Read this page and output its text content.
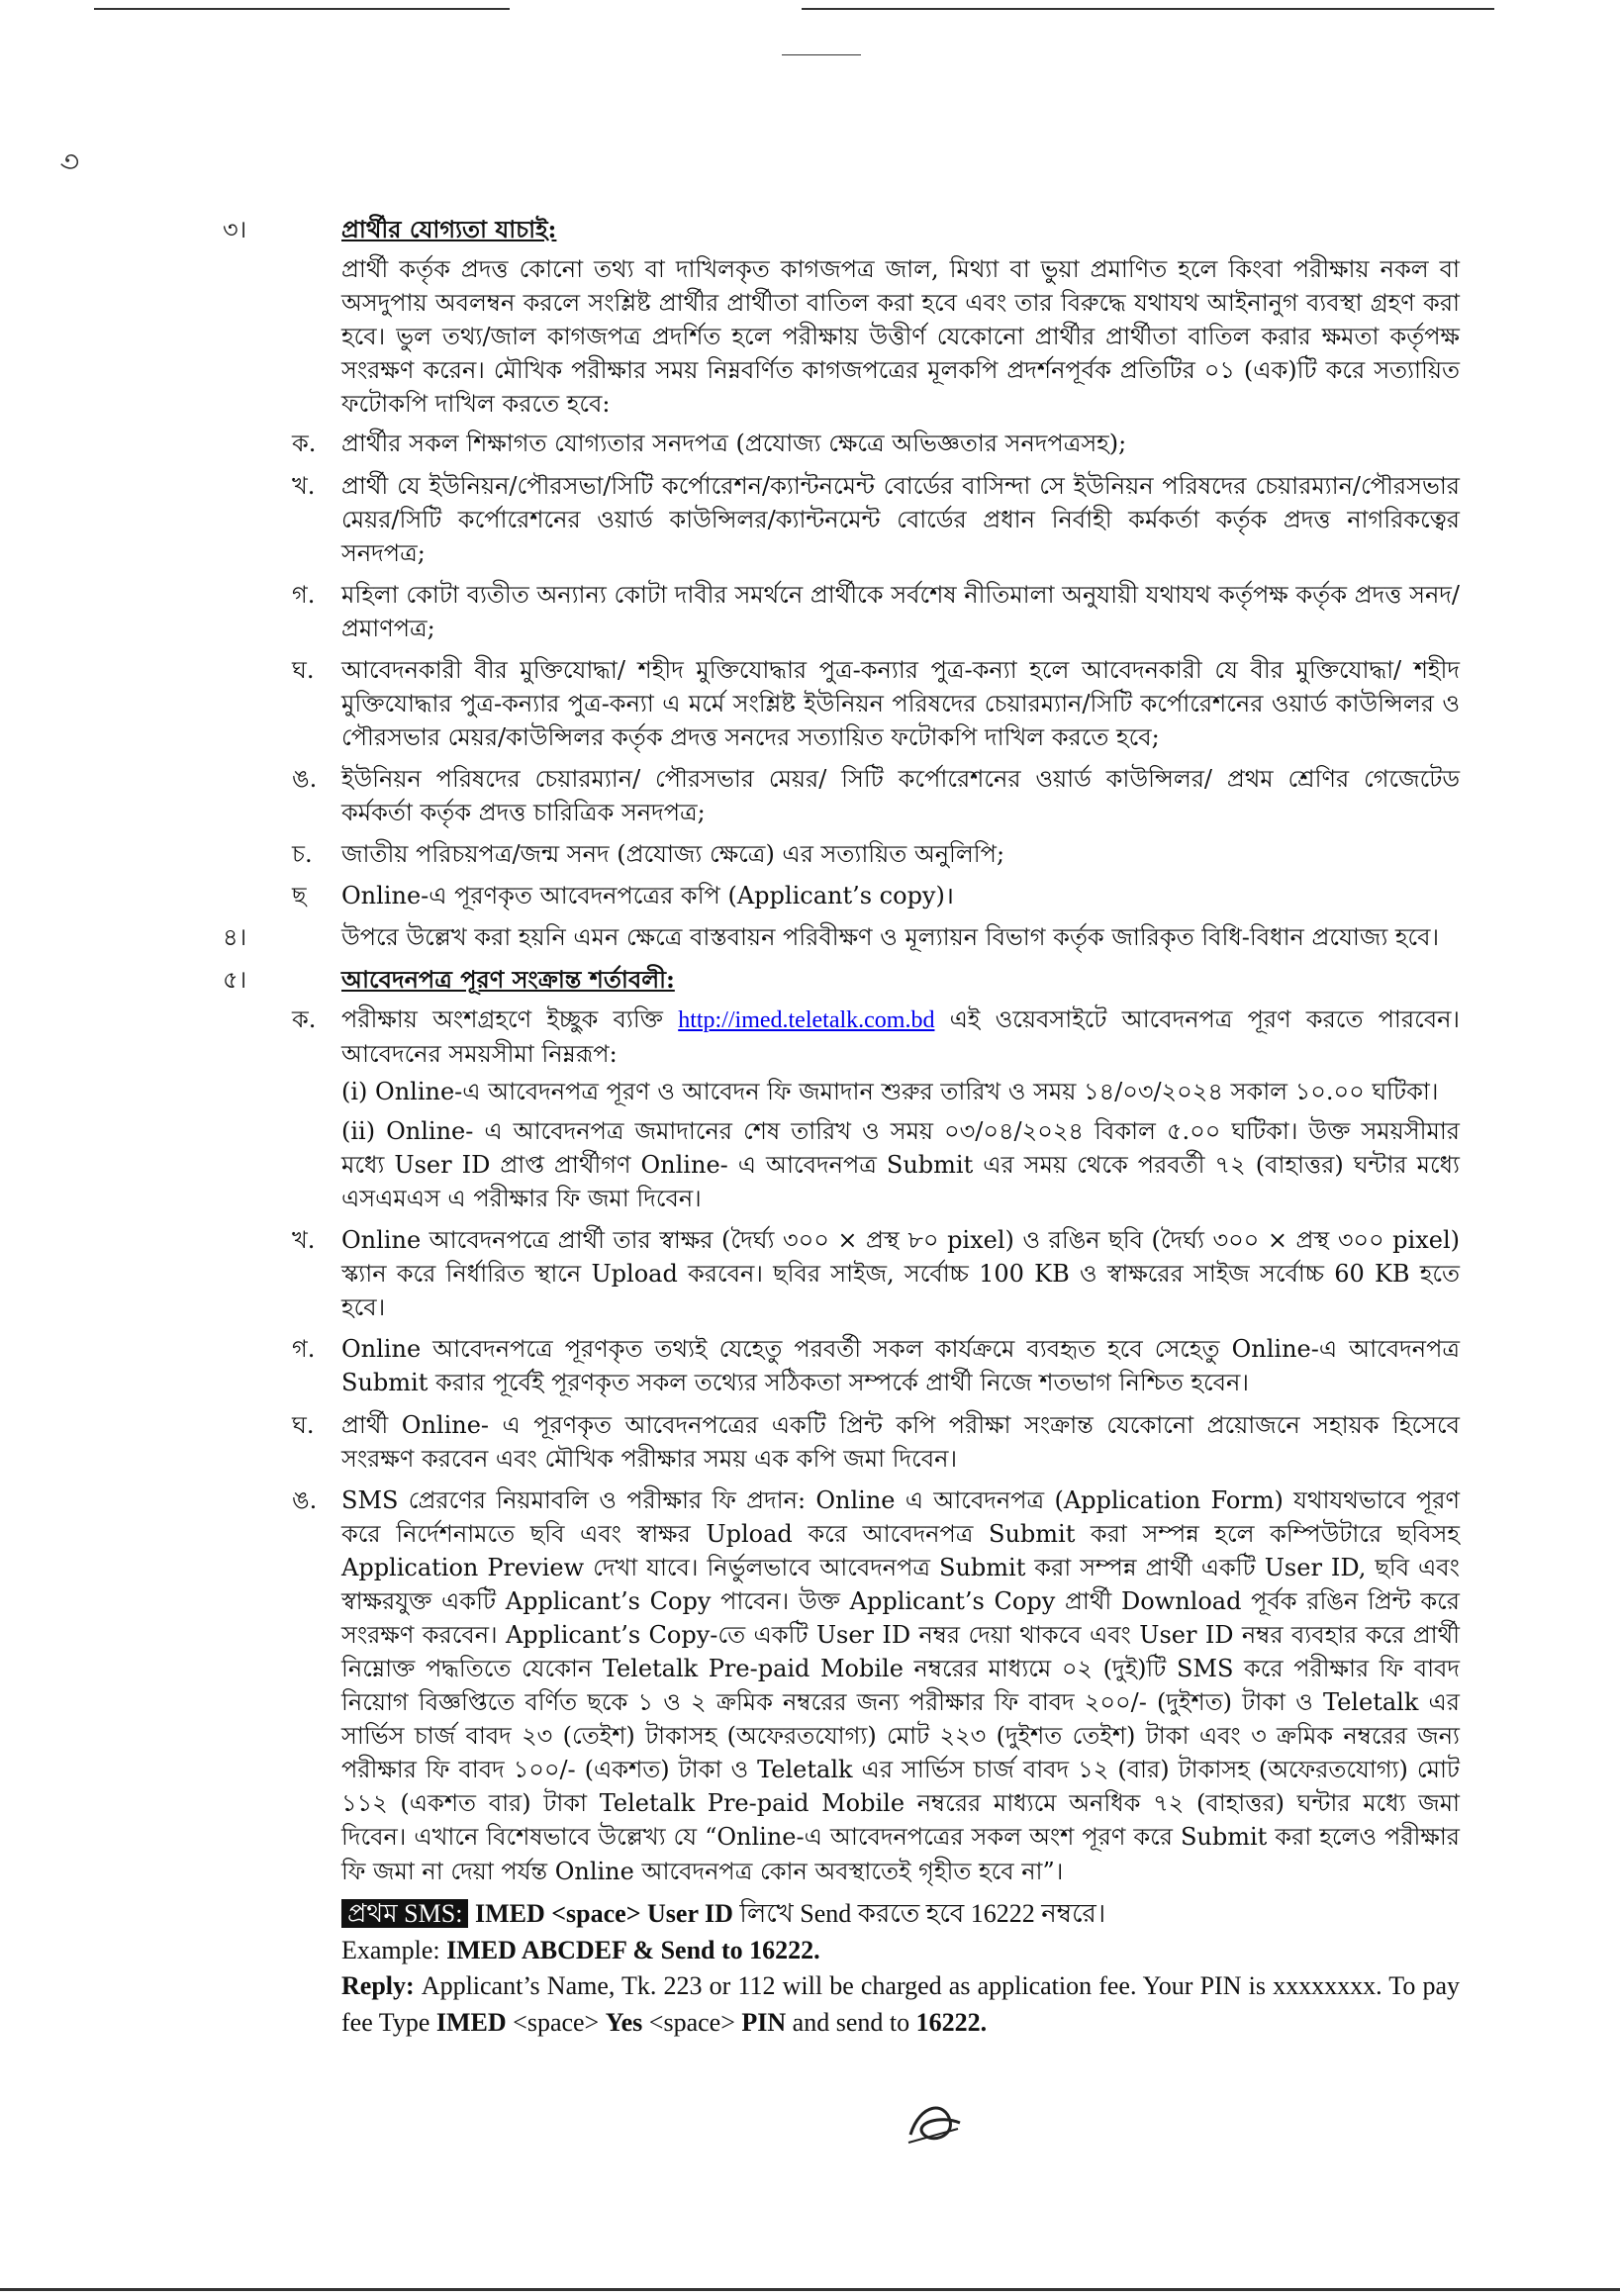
৩
৩।	প্রার্থীর যোগ্যতা যাচাই:

প্রার্থী কর্তৃক প্রদত্ত কোনো তথ্য বা দাখিলকৃত কাগজপত্র জাল, মিথ্যা বা ভুয়া প্রমাণিত হলে কিংবা পরীক্ষায় নকল বা অসদুপায় অবলম্বন করলে সংশ্লিষ্ট প্রার্থীর প্রার্থীতা বাতিল করা হবে এবং তার বিরুদ্ধে যথাযথ আইনানুগ ব্যবস্থা গ্রহণ করা হবে। ভুল তথ্য/জাল কাগজপত্র প্রদর্শিত হলে পরীক্ষায় উত্তীর্ণ যেকোনো প্রার্থীর প্রার্থীতা বাতিল করার ক্ষমতা কর্তৃপক্ষ সংরক্ষণ করেন। মৌখিক পরীক্ষার সময় নিম্নবর্ণিত কাগজপত্রের মূলকপি প্রদর্শনপূর্বক প্রতিটির ০১ (এক)টি করে সত্যায়িত ফটোকপি দাখিল করতে হবে:

ক. প্রার্থীর সকল শিক্ষাগত যোগ্যতার সনদপত্র (প্রযোজ্য ক্ষেত্রে অভিজ্ঞতার সনদপত্রসহ);
খ. প্রার্থী যে ইউনিয়ন/পৌরসভা/সিটি কর্পোরেশন/ক্যান্টনমেন্ট বোর্ডের বাসিন্দা সে ইউনিয়ন পরিষদের চেয়ারম্যান/পৌরসভার মেয়র/সিটি কর্পোরেশনের ওয়ার্ড কাউন্সিলর/ক্যান্টনমেন্ট বোর্ডের প্রধান নির্বাহী কর্মকর্তা কর্তৃক প্রদত্ত নাগরিকত্বের সনদপত্র;
গ. মহিলা কোটা ব্যতীত অন্যান্য কোটা দাবীর সমর্থনে প্রার্থীকে সর্বশেষ নীতিমালা অনুযায়ী যথাযথ কর্তৃপক্ষ কর্তৃক প্রদত্ত সনদ/ প্রমাণপত্র;
ঘ. আবেদনকারী বীর মুক্তিযোদ্ধা/ শহীদ মুক্তিযোদ্ধার পুত্র-কন্যার পুত্র-কন্যা হলে আবেদনকারী যে বীর মুক্তিযোদ্ধা/ শহীদ মুক্তিযোদ্ধার পুত্র-কন্যার পুত্র-কন্যা এ মর্মে সংশ্লিষ্ট ইউনিয়ন পরিষদের চেয়ারম্যান/সিটি কর্পোরেশনের ওয়ার্ড কাউন্সিলর ও পৌরসভার মেয়র/কাউন্সিলর কর্তৃক প্রদত্ত সনদের সত্যায়িত ফটোকপি দাখিল করতে হবে;
ঙ. ইউনিয়ন পরিষদের চেয়ারম্যান/ পৌরসভার মেয়র/ সিটি কর্পোরেশনের ওয়ার্ড কাউন্সিলর/ প্রথম শ্রেণির গেজেটেড কর্মকর্তা কর্তৃক প্রদত্ত চারিত্রিক সনদপত্র;
চ. জাতীয় পরিচয়পত্র/জন্ম সনদ (প্রযোজ্য ক্ষেত্রে) এর সত্যায়িত অনুলিপি;
ছ Online-এ পূরণকৃত আবেদনপত্রের কপি (Applicant’s copy)।
৪।	উপরে উল্লেখ করা হয়নি এমন ক্ষেত্রে বাস্তবায়ন পরিবীক্ষণ ও মূল্যায়ন বিভাগ কর্তৃক জারিকৃত বিধি-বিধান প্রযোজ্য হবে।

৫।	আবেদনপত্র পূরণ সংক্রান্ত শর্তাবলী:
ক. পরীক্ষায় অংশগ্রহণে ইচ্ছুক ব্যক্তি http://imed.teletalk.com.bd এই ওয়েবসাইটে আবেদনপত্র পূরণ করতে পারবেন। আবেদনের সময়সীমা নিম্নরূপ:
(i) Online-এ আবেদনপত্র পূরণ ও আবেদন ফি জমাদান শুরুর তারিখ ও সময় ১৪/০৩/২০২৪ সকাল ১০.০০ ঘটিকা।
(ii) Online- এ আবেদনপত্র জমাদানের শেষ তারিখ ও সময় ০৩/০৪/২০২৪ বিকাল ৫.০০ ঘটিকা। উক্ত সময়সীমার মধ্যে User ID প্রাপ্ত প্রার্থীগণ Online- এ আবেদনপত্র Submit এর সময় থেকে পরবর্তী ৭২ (বাহাত্তর) ঘন্টার মধ্যে এসএমএস এ পরীক্ষার ফি জমা দিবেন।
খ. Online আবেদনপত্রে প্রার্থী তার স্বাক্ষর (দৈর্ঘ্য ৩০০ × প্রস্থ ৮০ pixel) ও রঙিন ছবি (দৈর্ঘ্য ৩০০ × প্রস্থ ৩০০ pixel) স্ক্যান করে নির্ধারিত স্থানে Upload করবেন। ছবির সাইজ, সর্বোচ্চ 100 KB ও স্বাক্ষরের সাইজ সর্বোচ্চ 60 KB হতে হবে।
গ. Online আবেদনপত্রে পূরণকৃত তথ্যই যেহেতু পরবর্তী সকল কার্যক্রমে ব্যবহৃত হবে সেহেতু Online-এ আবেদনপত্র Submit করার পূর্বেই পূরণকৃত সকল তথ্যের সঠিকতা সম্পর্কে প্রার্থী নিজে শতভাগ নিশ্চিত হবেন।
ঘ. প্রার্থী Online- এ পূরণকৃত আবেদনপত্রের একটি প্রিন্ট কপি পরীক্ষা সংক্রান্ত যেকোনো প্রয়োজনে সহায়ক হিসেবে সংরক্ষণ করবেন এবং মৌখিক পরীক্ষার সময় এক কপি জমা দিবেন।
ঙ. SMS প্রেরণের নিয়মাবলি ও পরীক্ষার ফি প্রদান: Online এ আবেদনপত্র (Application Form) যথাযথভাবে পূরণ করে নির্দেশনামতে ছবি এবং স্বাক্ষর Upload করে আবেদনপত্র Submit করা সম্পন্ন হলে কম্পিউটারে ছবিসহ Application Preview দেখা যাবে। নির্ভুলভাবে আবেদনপত্র Submit করা সম্পন্ন প্রার্থী একটি User ID, ছবি এবং স্বাক্ষরযুক্ত একটি Applicant’s Copy পাবেন। উক্ত Applicant’s Copy প্রার্থী Download পূর্বক রঙিন প্রিন্ট করে সংরক্ষণ করবেন। Applicant’s Copy-তে একটি User ID নম্বর দেয়া থাকবে এবং User ID নম্বর ব্যবহার করে প্রার্থী নিম্নোক্ত পদ্ধতিতে যেকোন Teletalk Pre-paid Mobile নম্বরের মাধ্যমে ০২ (দুই)টি SMS করে পরীক্ষার ফি বাবদ নিয়োগ বিজ্ঞপ্তিতে বর্ণিত ছকে ১ ও ২ ক্রমিক নম্বরের জন্য পরীক্ষার ফি বাবদ ২০০/- (দুইশত) টাকা ও Teletalk এর সার্ভিস চার্জ বাবদ ২৩ (তেইশ) টাকাসহ (অফেরতযোগ্য) মোট ২২৩ (দুইশত তেইশ) টাকা এবং ৩ ক্রমিক নম্বরের জন্য পরীক্ষার ফি বাবদ ১০০/- (একশত) টাকা ও Teletalk এর সার্ভিস চার্জ বাবদ ১২ (বার) টাকাসহ (অফেরতযোগ্য) মোট ১১২ (একশত বার) টাকা Teletalk Pre-paid Mobile নম্বরের মাধ্যমে অনধিক ৭২ (বাহাত্তর) ঘন্টার মধ্যে জমা দিবেন। এখানে বিশেষভাবে উল্লেখ্য যে “Online-এ আবেদনপত্রের সকল অংশ পূরণ করে Submit করা হলেও পরীক্ষার ফি জমা না দেয়া পর্যন্ত Online আবেদনপত্র কোন অবস্থাতেই গৃহীত হবে না”।
প্রথম SMS: IMED <space> User ID লিখে Send করতে হবে 16222 নম্বরে।
Example: IMED ABCDEF & Send to 16222.
Reply: Applicant’s Name, Tk. 223 or 112 will be charged as application fee. Your PIN is xxxxxxxx. To pay fee Type IMED <space> Yes <space> PIN and send to 16222.
